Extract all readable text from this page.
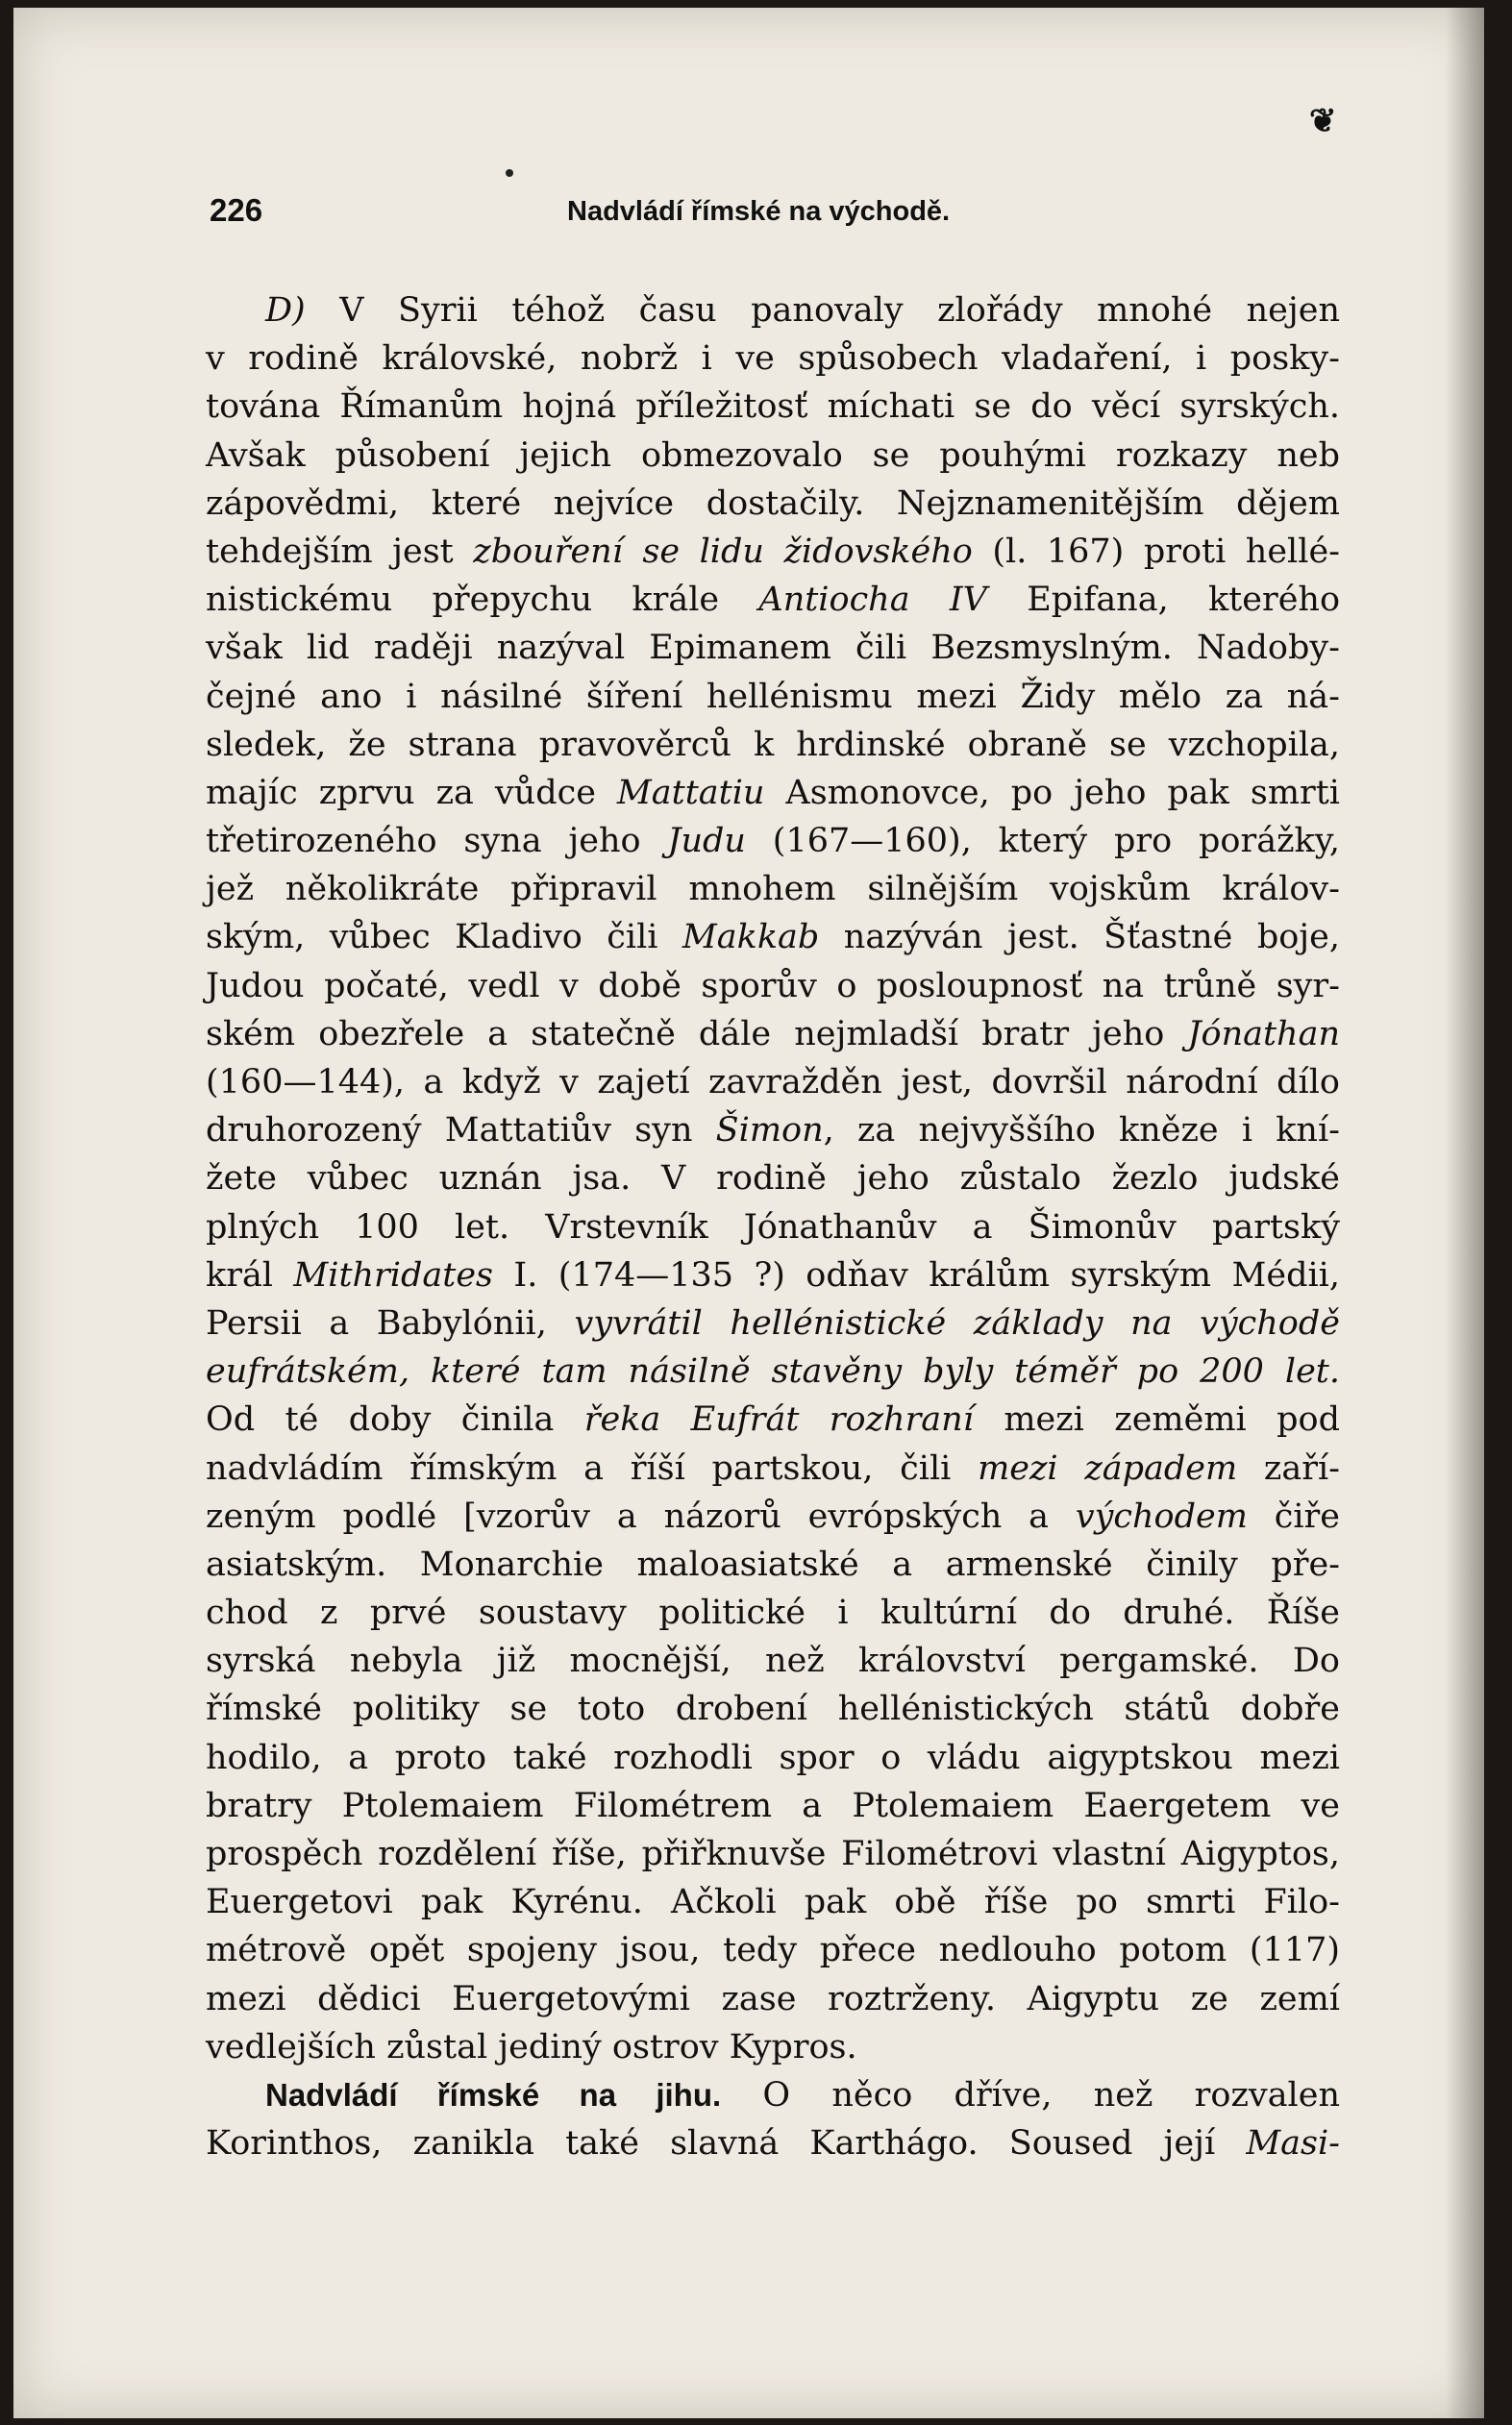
❦
226	Nadvládí římské na východě.
D) V Syrii téhož času panovaly zlořády mnohé nejen
v rodině královské, nobrž i ve spůsobech vladaření, i posky-
tována Římanům hojná příležitosť míchati se do věcí syrských.
Avšak působení jejich obmezovalo se pouhými rozkazy neb
zápovědmi, které nejvíce dostačily. Nejznamenitějším dějem
tehdejším jest zbouření se lidu židovského (l. 167) proti hellé-
nistickému přepychu krále Antiocha IV Epifana, kterého
však lid raději nazýval Epimanem čili Bezsmyslným. Nadoby-
čejné ano i násilné šíření hellénismu mezi Židy mělo za ná-
sledek, že strana pravověrců k hrdinské obraně se vzchopila,
majíc zprvu za vůdce Mattatiu Asmonovce, po jeho pak smrti
třetirozeného syna jeho Judu (167—160), který pro porážky,
jež několikráte připravil mnohem silnějším vojskům králov-
ským, vůbec Kladivo čili Makkab nazýván jest. Šťastné boje,
Judou počaté, vedl v době sporův o posloupnosť na trůně syr-
ském obezřele a statečně dále nejmladší bratr jeho Jónathan
(160—144), a když v zajetí zavražděn jest, dovršil národní dílo
druhorozený Mattatiův syn Šimon, za nejvyššího kněze i kní-
žete vůbec uznán jsa. V rodině jeho zůstalo žezlo judské
plných 100 let. Vrstevník Jónathanův a Šimonův partský
král Mithridates I. (174—135 ?) odňav králům syrským Médii,
Persii a Babylónii, vyvrátil hellénistické základy na východě
eufrátském, které tam násilně stavěny byly téměř po 200 let.
Od té doby činila řeka Eufrát rozhraní mezi zeměmi pod
nadvládím římským a říší partskou, čili mezi západem zaří-
zeným podlé [vzorův a názorů evrópských a východem čiře
asiatským. Monarchie maloasiatské a armenské činily pře-
chod z prvé soustavy politické i kultúrní do druhé. Říše
syrská nebyla již mocnější, než království pergamské. Do
římské politiky se toto drobení hellénistických států dobře
hodilo, a proto také rozhodli spor o vládu aigyptskou mezi
bratry Ptolemaiem Filométrem a Ptolemaiem Eaergetem ve
prospěch rozdělení říše, přiřknuvše Filométrovi vlastní Aigyptos,
Euergetovi pak Kyrénu. Ačkoli pak obě říše po smrti Filo-
métrově opět spojeny jsou, tedy přece nedlouho potom (117)
mezi dědici Euergetovými zase roztrženy. Aigyptu ze zemí
vedlejších zůstal jediný ostrov Kypros.
Nadvládí římské na jihu. O něco dříve, než rozvalen
Korinthos, zanikla také slavná Karthágo. Soused její Masi-
